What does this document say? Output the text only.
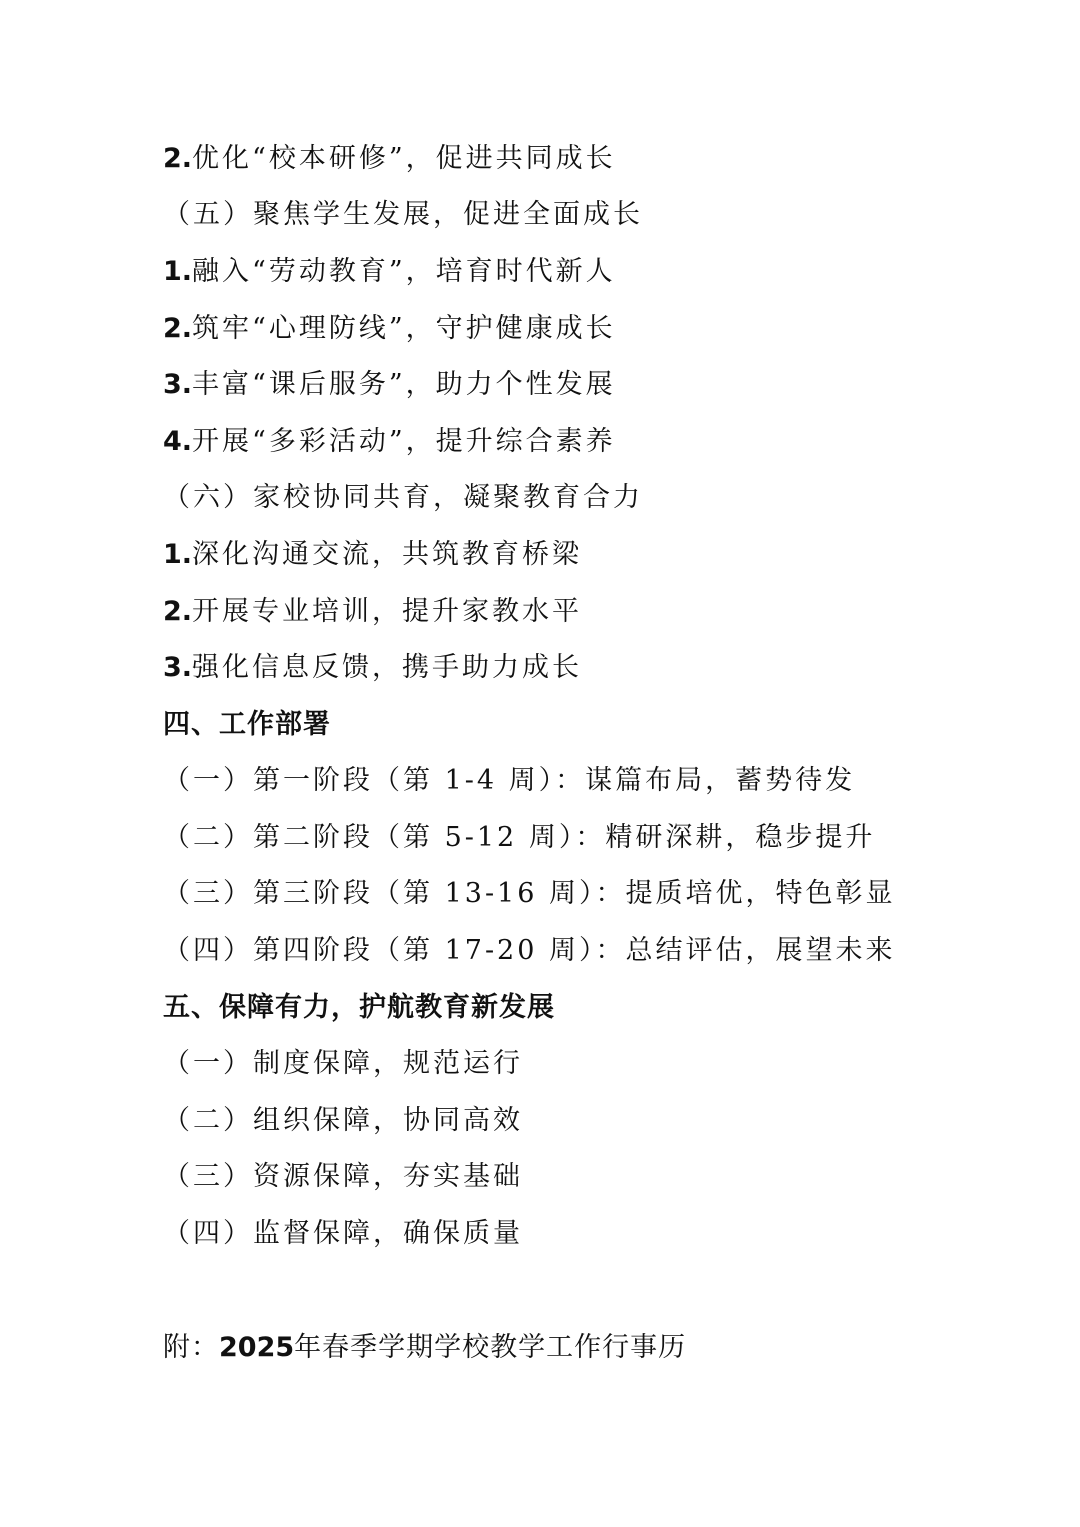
2.优化“校本研修”，促进共同成长
（五）聚焦学生发展，促进全面成长
1.融入“劳动教育”，培育时代新人
2.筑牢“心理防线”，守护健康成长
3.丰富“课后服务”，助力个性发展
4.开展“多彩活动”，提升综合素养
（六）家校协同共育，凝聚教育合力
1.深化沟通交流，共筑教育桥梁
2.开展专业培训，提升家教水平
3.强化信息反馈，携手助力成长
四、工作部署
（一）第一阶段（第 1-4 周）：谋篇布局，蓄势待发
（二）第二阶段（第 5-12 周）：精研深耕，稳步提升
（三）第三阶段（第 13-16 周）：提质培优，特色彰显
（四）第四阶段（第 17-20 周）：总结评估，展望未来
五、保障有力，护航教育新发展
（一）制度保障，规范运行
（二）组织保障，协同高效
（三）资源保障，夯实基础
（四）监督保障，确保质量
附：2025年春季学期学校教学工作行事历
